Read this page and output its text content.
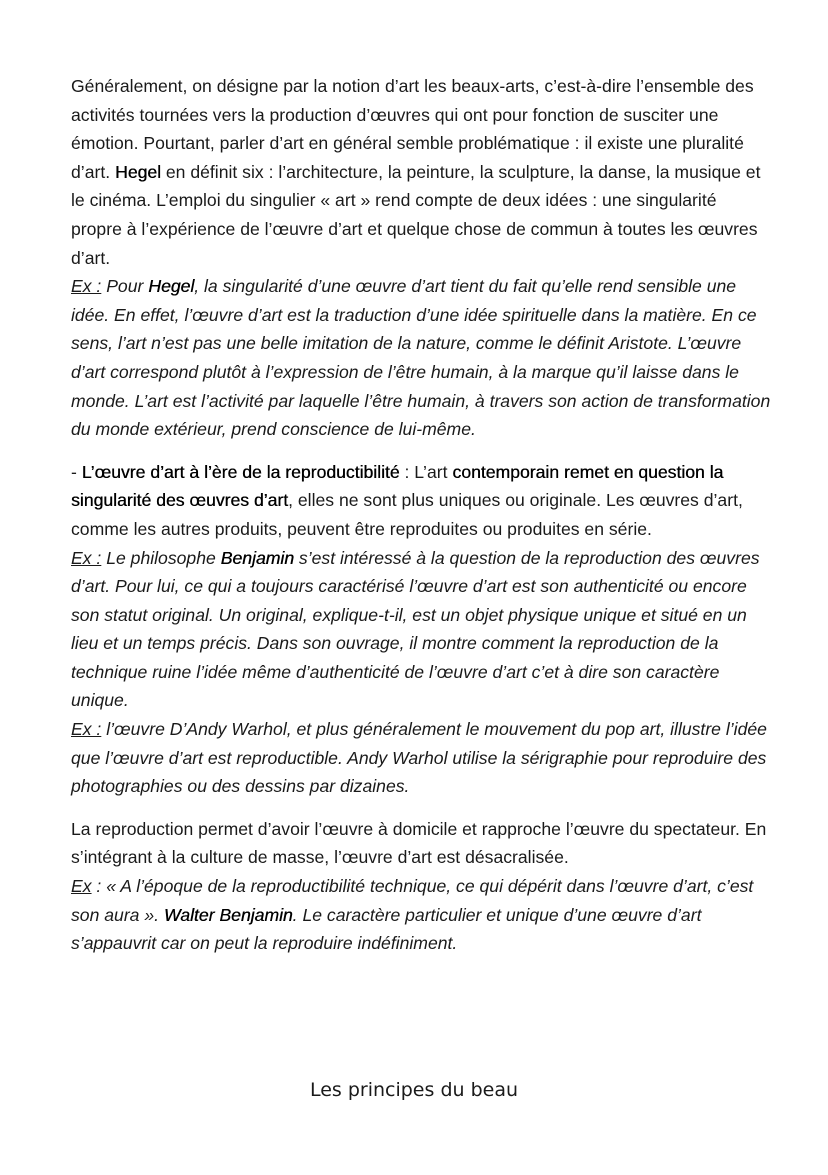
Généralement, on désigne par la notion d’art les beaux-arts, c’est-à-dire l’ensemble des activités tournées vers la production d’œuvres qui ont pour fonction de susciter une émotion. Pourtant, parler d’art en général semble problématique : il existe une pluralité d’art. Hegel en définit six : l’architecture, la peinture, la sculpture, la danse, la musique et le cinéma. L’emploi du singulier « art » rend compte de deux idées : une singularité propre à l’expérience de l’œuvre d’art et quelque chose de commun à toutes les œuvres d’art.

Ex : Pour Hegel, la singularité d’une œuvre d’art tient du fait qu’elle rend sensible une idée. En effet, l’œuvre d’art est la traduction d’une idée spirituelle dans la matière. En ce sens, l’art n’est pas une belle imitation de la nature, comme le définit Aristote. L’œuvre d’art correspond plutôt à l’expression de l’être humain, à la marque qu’il laisse dans le monde. L’art est l’activité par laquelle l’être humain, à travers son action de transformation du monde extérieur, prend conscience de lui-même.

- L’œuvre d’art à l’ère de la reproductibilité : L’art contemporain remet en question la singularité des œuvres d’art, elles ne sont plus uniques ou originale. Les œuvres d’art, comme les autres produits, peuvent être reproduites ou produites en série.

Ex : Le philosophe Benjamin s’est intéressé à la question de la reproduction des œuvres d’art. Pour lui, ce qui a toujours caractérisé l’œuvre d’art est son authenticité ou encore son statut original. Un original, explique-t-il, est un objet physique unique et situé en un lieu et un temps précis. Dans son ouvrage, il montre comment la reproduction de la technique ruine l’idée même d’authenticité de l’œuvre d’art c’et à dire son caractère unique.

Ex : l’œuvre D’Andy Warhol, et plus généralement le mouvement du pop art, illustre l’idée que l’œuvre d’art est reproductible. Andy Warhol utilise la sérigraphie pour reproduire des photographies ou des dessins par dizaines.

La reproduction permet d’avoir l’œuvre à domicile et rapproche l’œuvre du spectateur. En s’intégrant à la culture de masse, l’œuvre d’art est désacralisée.

Ex : « A l’époque de la reproductibilité technique, ce qui dépérit dans l’œuvre d’art, c’est son aura ». Walter Benjamin. Le caractère particulier et unique d’une œuvre d’art s’appauvrit car on peut la reproduire indéfiniment.

Les principes du beau
